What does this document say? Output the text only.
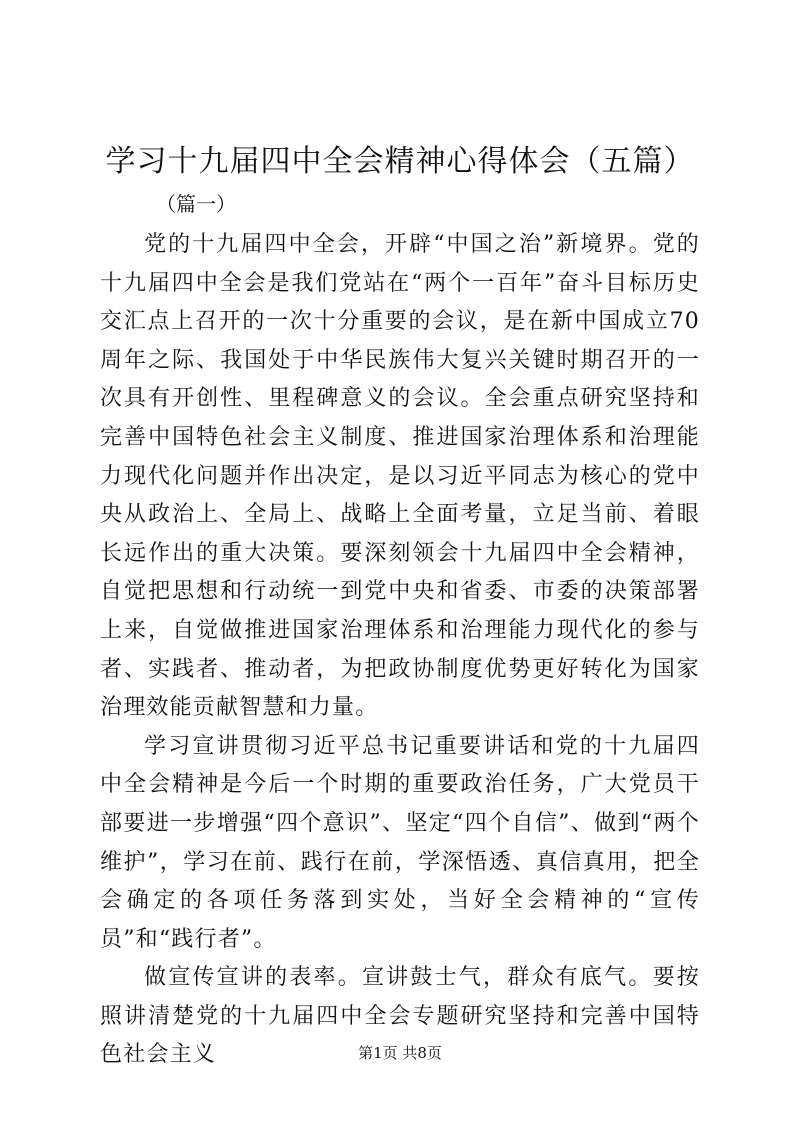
学习十九届四中全会精神心得体会（五篇）
（篇一）

党的十九届四中全会，开辟“中国之治”新境界。党的十九届四中全会是我们党站在“两个一百年”奋斗目标历史交汇点上召开的一次十分重要的会议，是在新中国成立70周年之际、我国处于中华民族伟大复兴关键时期召开的一次具有开创性、里程碑意义的会议。全会重点研究坚持和完善中国特色社会主义制度、推进国家治理体系和治理能力现代化问题并作出决定，是以习近平同志为核心的党中央从政治上、全局上、战略上全面考量，立足当前、着眼长远作出的重大决策。要深刻领会十九届四中全会精神，自觉把思想和行动统一到党中央和省委、市委的决策部署上来，自觉做推进国家治理体系和治理能力现代化的参与者、实践者、推动者，为把政协制度优势更好转化为国家治理效能贡献智慧和力量。

学习宣讲贯彻习近平总书记重要讲话和党的十九届四中全会精神是今后一个时期的重要政治任务，广大党员干部要进一步增强“四个意识”、坚定“四个自信”、做到“两个维护”，学习在前、践行在前，学深悟透、真信真用，把全会确定的各项任务落到实处，当好全会精神的“宣传员”和“践行者”。

做宣传宣讲的表率。宣讲鼓士气，群众有底气。要按照讲清楚党的十九届四中全会专题研究坚持和完善中国特色社会主义	第1页 共8页
